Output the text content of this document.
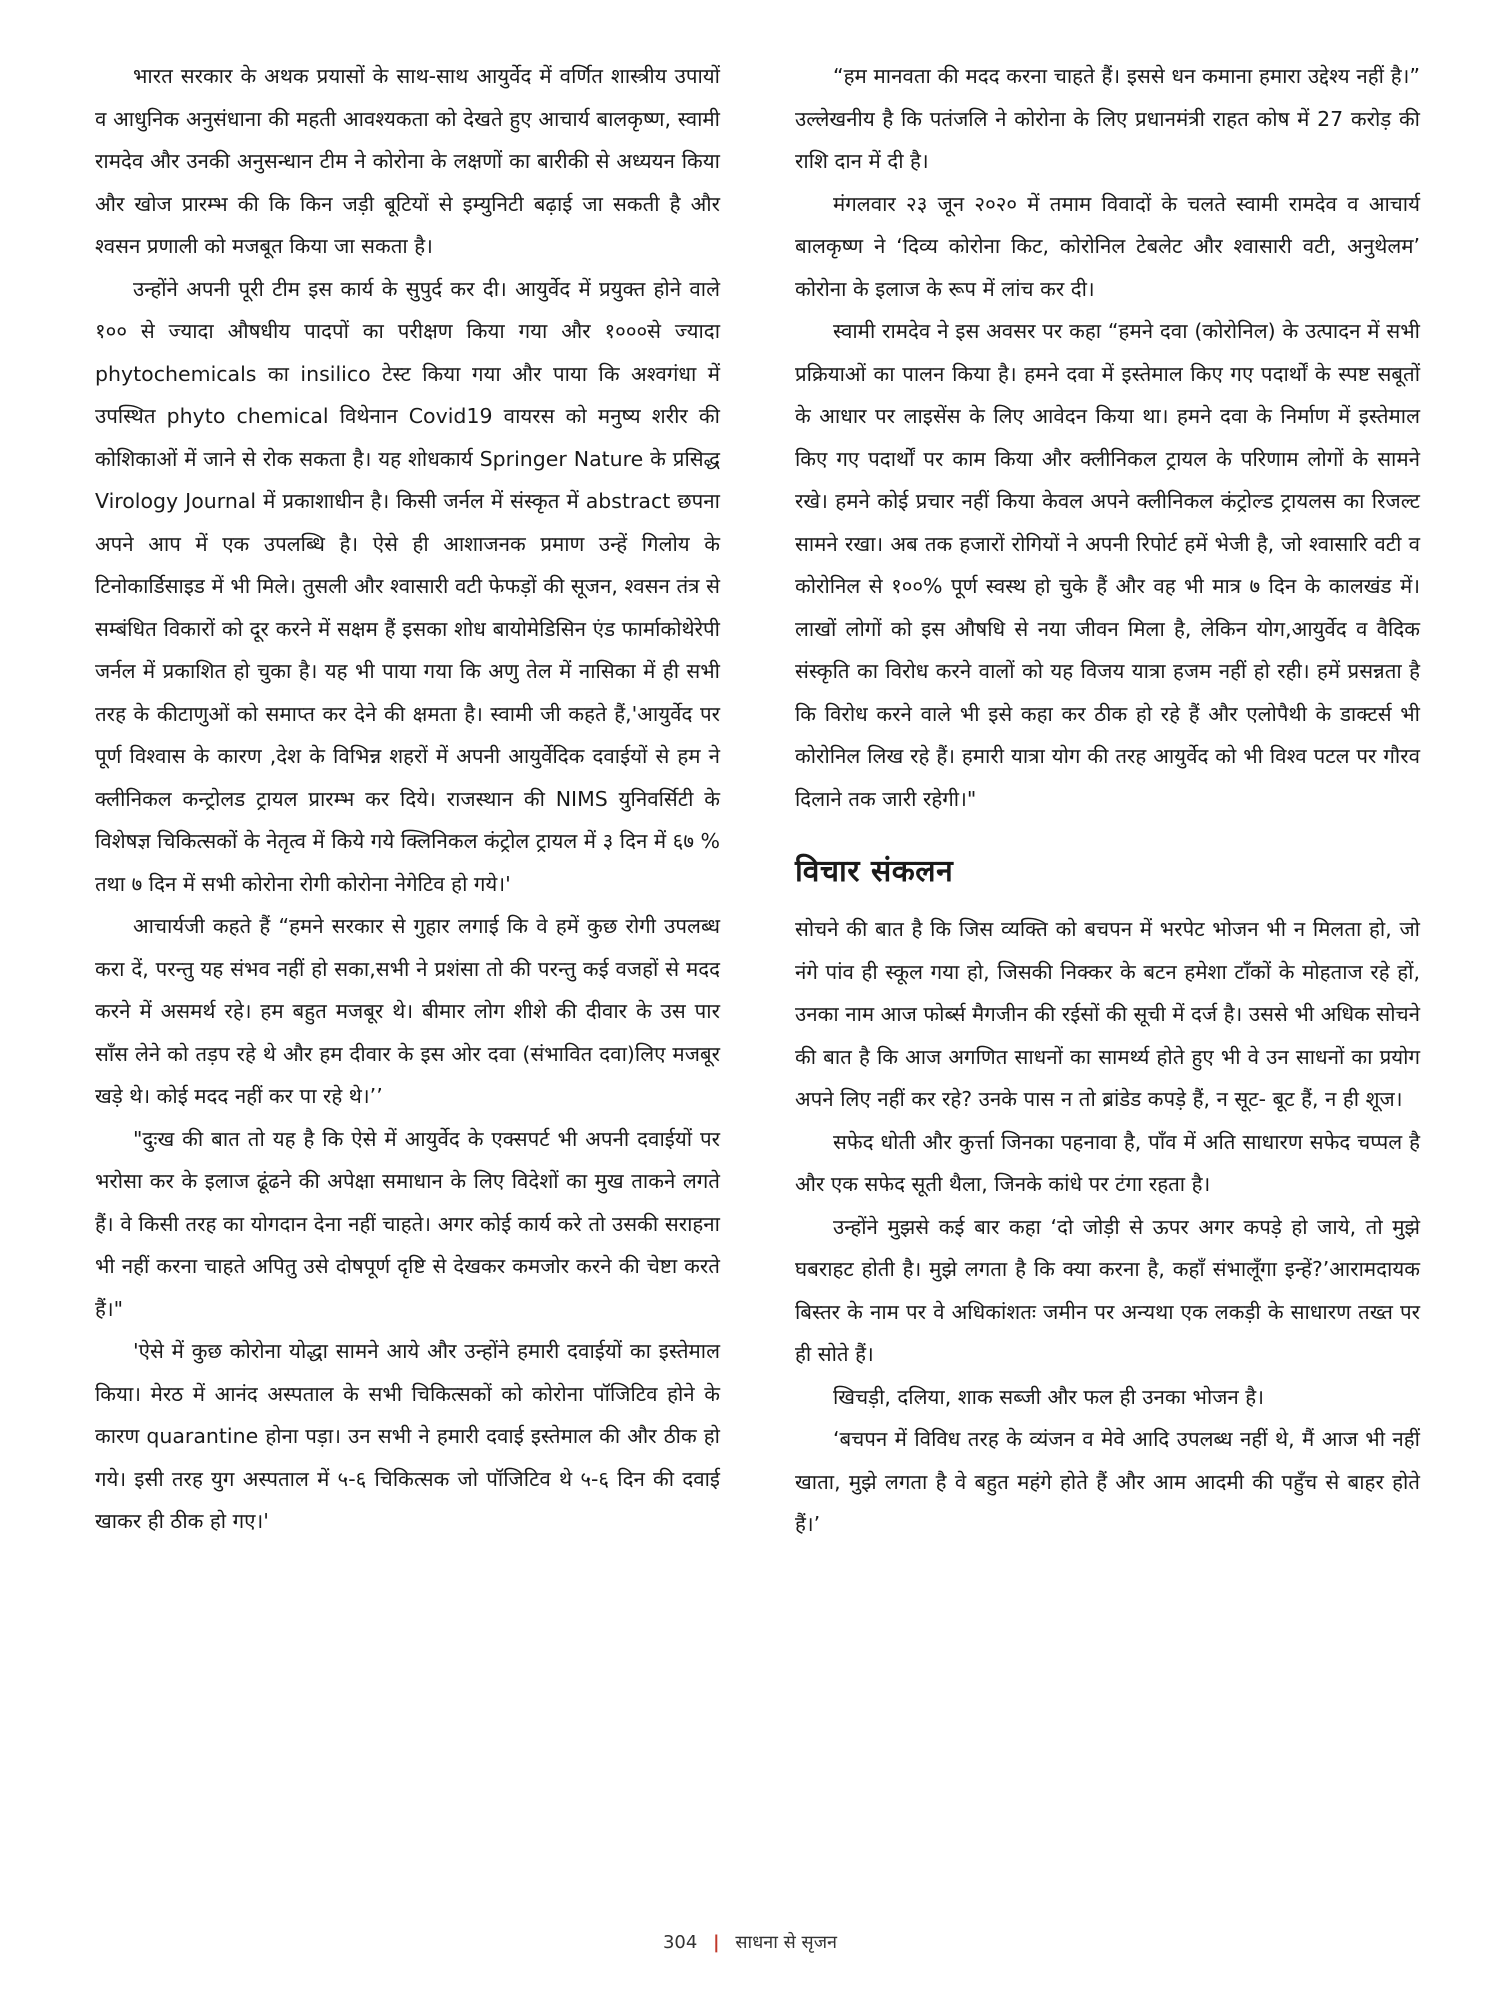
भारत सरकार के अथक प्रयासों के साथ-साथ आयुर्वेद में वर्णित शास्त्रीय उपायों व आधुनिक अनुसंधाना की महती आवश्यकता को देखते हुए आचार्य बालकृष्ण, स्वामी रामदेव और उनकी अनुसन्धान टीम ने कोरोना के लक्षणों का बारीकी से अध्ययन किया और खोज प्रारम्भ की कि किन जड़ी बूटियों से इम्युनिटी बढ़ाई जा सकती है और श्वसन प्रणाली को मजबूत किया जा सकता है।

उन्होंने अपनी पूरी टीम इस कार्य के सुपुर्द कर दी। आयुर्वेद में प्रयुक्त होने वाले १०० से ज्यादा औषधीय पादपों का परीक्षण किया गया और १०००से ज्यादा phytochemicals का insilico टेस्ट किया गया और पाया कि अश्वगंधा में उपस्थित phyto chemical विथेनान Covid19 वायरस को मनुष्य शरीर की कोशिकाओं में जाने से रोक सकता है। यह शोधकार्य Springer Nature के प्रसिद्ध Virology Journal में प्रकाशाधीन है। किसी जर्नल में संस्कृत में abstract छपना अपने आप में एक उपलब्धि है। ऐसे ही आशाजनक प्रमाण उन्हें गिलोय के टिनोकार्डिसाइड में भी मिले। तुसली और श्वासारी वटी फेफड़ों की सूजन, श्वसन तंत्र से सम्बंधित विकारों को दूर करने में सक्षम हैं इसका शोध बायोमेडिसिन एंड फार्माकोथेरेपी जर्नल में प्रकाशित हो चुका है। यह भी पाया गया कि अणु तेल में नासिका में ही सभी तरह के कीटाणुओं को समाप्त कर देने की क्षमता है। स्वामी जी कहते हैं,'आयुर्वेद पर पूर्ण विश्वास के कारण ,देश के विभिन्न शहरों में अपनी आयुर्वेदिक दवाईयों से हम ने क्लीनिकल कन्ट्रोलड ट्रायल प्रारम्भ कर दिये। राजस्थान की NIMS युनिवर्सिटी के विशेषज्ञ चिकित्सकों के नेतृत्व में किये गये क्लिनिकल कंट्रोल ट्रायल में ३ दिन में ६७ % तथा ७ दिन में सभी कोरोना रोगी कोरोना नेगेटिव हो गये।'

आचार्यजी कहते हैं “हमने सरकार से गुहार लगाई कि वे हमें कुछ रोगी उपलब्ध करा दें, परन्तु यह संभव नहीं हो सका,सभी ने प्रशंसा तो की परन्तु कई वजहों से मदद करने में असमर्थ रहे। हम बहुत मजबूर थे। बीमार लोग शीशे की दीवार के उस पार साँस लेने को तड़प रहे थे और हम दीवार के इस ओर दवा (संभावित दवा)लिए मजबूर खड़े थे। कोई मदद नहीं कर पा रहे थे।’’

"दुःख की बात तो यह है कि ऐसे में आयुर्वेद के एक्सपर्ट भी अपनी दवाईयों पर भरोसा कर के इलाज ढूंढने की अपेक्षा समाधान के लिए विदेशों का मुख ताकने लगते हैं। वे किसी तरह का योगदान देना नहीं चाहते। अगर कोई कार्य करे तो उसकी सराहना भी नहीं करना चाहते अपितु उसे दोषपूर्ण दृष्टि से देखकर कमजोर करने की चेष्टा करते हैं।"

'ऐसे में कुछ कोरोना योद्धा सामने आये और उन्होंने हमारी दवाईयों का इस्तेमाल किया। मेरठ में आनंद अस्पताल के सभी चिकित्सकों को कोरोना पॉजिटिव होने के कारण quarantine होना पड़ा। उन सभी ने हमारी दवाई इस्तेमाल की और ठीक हो गये। इसी तरह युग अस्पताल में ५-६ चिकित्सक जो पॉजिटिव थे ५-६ दिन की दवाई खाकर ही ठीक हो गए।'

“हम मानवता की मदद करना चाहते हैं। इससे धन कमाना हमारा उद्देश्य नहीं है।” उल्लेखनीय है कि पतंजलि ने कोरोना के लिए प्रधानमंत्री राहत कोष में 27 करोड़ की राशि दान में दी है।

मंगलवार २३ जून २०२० में तमाम विवादों के चलते स्वामी रामदेव व आचार्य बालकृष्ण ने ‘दिव्य कोरोना किट, कोरोनिल टेबलेट और श्वासारी वटी, अनुथेलम’ कोरोना के इलाज के रूप में लांच कर दी।

स्वामी रामदेव ने इस अवसर पर कहा “हमने दवा (कोरोनिल) के उत्पादन में सभी प्रक्रियाओं का पालन किया है। हमने दवा में इस्तेमाल किए गए पदार्थों के स्पष्ट सबूतों के आधार पर लाइसेंस के लिए आवेदन किया था। हमने दवा के निर्माण में इस्तेमाल किए गए पदार्थों पर काम किया और क्लीनिकल ट्रायल के परिणाम लोगों के सामने रखे। हमने कोई प्रचार नहीं किया केवल अपने क्लीनिकल कंट्रोल्ड ट्रायलस का रिजल्ट सामने रखा। अब तक हजारों रोगियों ने अपनी रिपोर्ट हमें भेजी है, जो श्वासारि वटी व कोरोनिल से १००% पूर्ण स्वस्थ हो चुके हैं और वह भी मात्र ७ दिन के कालखंड में। लाखों लोगों को इस औषधि से नया जीवन मिला है, लेकिन योग,आयुर्वेद व वैदिक संस्कृति का विरोध करने वालों को यह विजय यात्रा हजम नहीं हो रही। हमें प्रसन्नता है कि विरोध करने वाले भी इसे कहा कर ठीक हो रहे हैं और एलोपैथी के डाक्टर्स भी कोरोनिल लिख रहे हैं। हमारी यात्रा योग की तरह आयुर्वेद को भी विश्व पटल पर गौरव दिलाने तक जारी रहेगी।"

विचार संकलन

सोचने की बात है कि जिस व्यक्ति को बचपन में भरपेट भोजन भी न मिलता हो, जो नंगे पांव ही स्कूल गया हो, जिसकी निक्कर के बटन हमेशा टाँकों के मोहताज रहे हों, उनका नाम आज फोर्ब्स मैगजीन की रईसों की सूची में दर्ज है। उससे भी अधिक सोचने की बात है कि आज अगणित साधनों का सामर्थ्य होते हुए भी वे उन साधनों का प्रयोग अपने लिए नहीं कर रहे? उनके पास न तो ब्रांडेड कपड़े हैं, न सूट- बूट हैं, न ही शूज।

सफेद धोती और कुर्त्ता जिनका पहनावा है, पाँव में अति साधारण सफेद चप्पल है और एक सफेद सूती थैला, जिनके कांधे पर टंगा रहता है।

उन्होंने मुझसे कई बार कहा ‘दो जोड़ी से ऊपर अगर कपड़े हो जाये, तो मुझे घबराहट होती है। मुझे लगता है कि क्या करना है, कहाँ संभालूँगा इन्हें?’आरामदायक बिस्तर के नाम पर वे अधिकांशतः जमीन पर अन्यथा एक लकड़ी के साधारण तख्त पर ही सोते हैं।

खिचड़ी, दलिया, शाक सब्जी और फल ही उनका भोजन है।

‘बचपन में विविध तरह के व्यंजन व मेवे आदि उपलब्ध नहीं थे, मैं आज भी नहीं खाता, मुझे लगता है वे बहुत महंगे होते हैं और आम आदमी की पहुँच से बाहर होते हैं।’

304 | साधना से सृजन
